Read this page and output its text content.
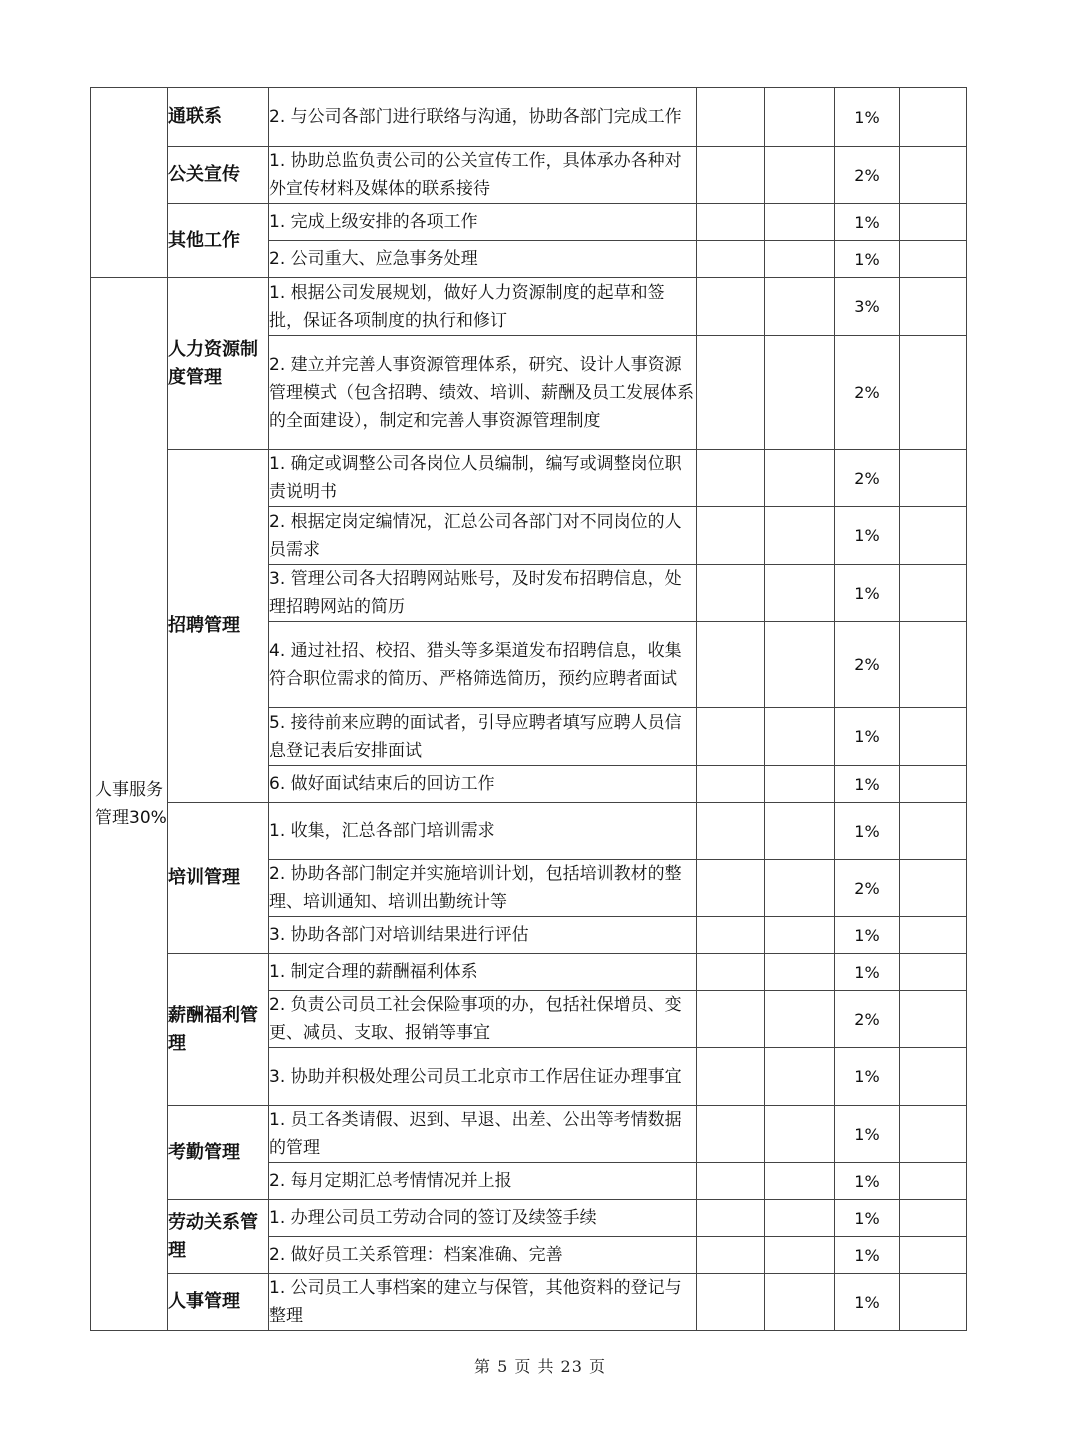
	通联系	2. 与公司各部门进行联络与沟通，协助各部门完成工作			1%	
	公关宣传	1. 协助总监负责公司的公关宣传工作，具体承办各种对外宣传材料及媒体的联系接待			2%	
	其他工作	1. 完成上级安排的各项工作			1%	
		2. 公司重大、应急事务处理			1%	

人事服务管理30%	人力资源制度管理	1. 根据公司发展规划，做好人力资源制度的起草和签批，保证各项制度的执行和修订			3%	
		2. 建立并完善人事资源管理体系，研究、设计人事资源管理模式（包含招聘、绩效、培训、薪酬及员工发展体系的全面建设），制定和完善人事资源管理制度			2%	
	招聘管理	1. 确定或调整公司各岗位人员编制，编写或调整岗位职责说明书			2%	
		2. 根据定岗定编情况，汇总公司各部门对不同岗位的人员需求			1%	
		3. 管理公司各大招聘网站账号，及时发布招聘信息，处理招聘网站的简历			1%	
		4. 通过社招、校招、猎头等多渠道发布招聘信息，收集符合职位需求的简历、严格筛选简历，预约应聘者面试			2%	
		5. 接待前来应聘的面试者，引导应聘者填写应聘人员信息登记表后安排面试			1%	
		6. 做好面试结束后的回访工作			1%	
	培训管理	1. 收集，汇总各部门培训需求			1%	
		2. 协助各部门制定并实施培训计划，包括培训教材的整理、培训通知、培训出勤统计等			2%	
		3. 协助各部门对培训结果进行评估			1%	
	薪酬福利管理	1. 制定合理的薪酬福利体系			1%	
		2. 负责公司员工社会保险事项的办，包括社保增员、变更、减员、支取、报销等事宜			2%	
		3. 协助并积极处理公司员工北京市工作居住证办理事宜			1%	
	考勤管理	1. 员工各类请假、迟到、早退、出差、公出等考情数据的管理			1%	
		2. 每月定期汇总考情情况并上报			1%	
	劳动关系管理	1. 办理公司员工劳动合同的签订及续签手续			1%	
		2. 做好员工关系管理：档案准确、完善			1%	
	人事管理	1. 公司员工人事档案的建立与保管，其他资料的登记与整理			1%	
第 5 页 共 23 页
